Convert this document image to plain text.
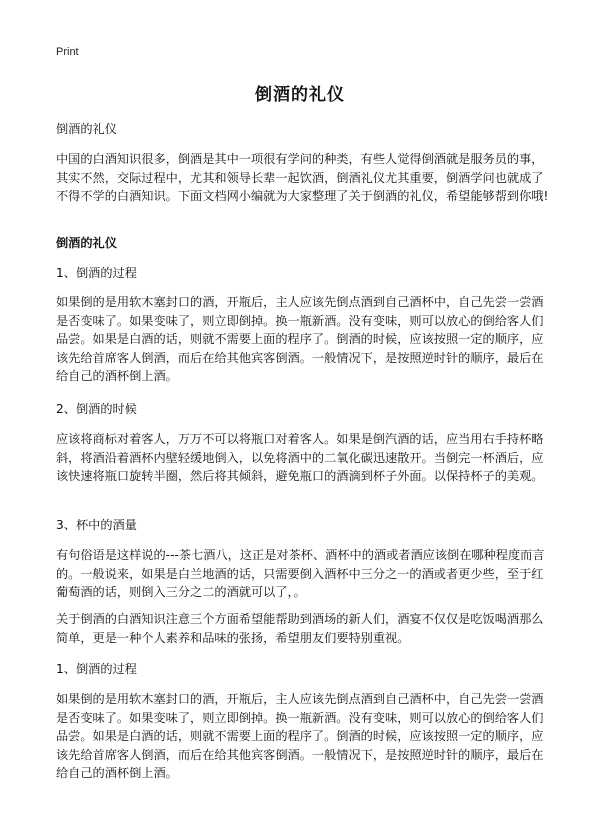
Print
倒酒的礼仪
倒酒的礼仪
中国的白酒知识很多，倒酒是其中一项很有学问的种类，有些人觉得倒酒就是服务员的事，其实不然，交际过程中，尤其和领导长辈一起饮酒，倒酒礼仪尤其重要，倒酒学问也就成了不得不学的白酒知识。下面文档网小编就为大家整理了关于倒酒的礼仪，希望能够帮到你哦!
倒酒的礼仪
1、倒酒的过程
如果倒的是用软木塞封口的酒，开瓶后，主人应该先倒点酒到自己酒杯中，自己先尝一尝酒是否变味了。如果变味了，则立即倒掉。换一瓶新酒。没有变味，则可以放心的倒给客人们品尝。如果是白酒的话，则就不需要上面的程序了。倒酒的时候，应该按照一定的顺序，应该先给首席客人倒酒，而后在给其他宾客倒酒。一般情况下，是按照逆时针的顺序，最后在给自己的酒杯倒上酒。
2、倒酒的时候
应该将商标对着客人，万万不可以将瓶口对着客人。如果是倒汽酒的话，应当用右手持杯略斜，将酒沿着酒杯内壁轻缓地倒入，以免将酒中的二氧化碳迅速散开。当倒完一杯酒后，应该快速将瓶口旋转半圈，然后将其倾斜，避免瓶口的酒滴到杯子外面。以保持杯子的美观。
3、杯中的酒量
有句俗语是这样说的---茶七酒八，这正是对茶杯、酒杯中的酒或者酒应该倒在哪种程度而言的。一般说来，如果是白兰地酒的话，只需要倒入酒杯中三分之一的酒或者更少些，至于红葡萄酒的话，则倒入三分之二的酒就可以了，。
关于倒酒的白酒知识注意三个方面希望能帮助到酒场的新人们，酒宴不仅仅是吃饭喝酒那么简单，更是一种个人素养和品味的张扬，希望朋友们要特别重视。
1、倒酒的过程
如果倒的是用软木塞封口的酒，开瓶后，主人应该先倒点酒到自己酒杯中，自己先尝一尝酒是否变味了。如果变味了，则立即倒掉。换一瓶新酒。没有变味，则可以放心的倒给客人们品尝。如果是白酒的话，则就不需要上面的程序了。倒酒的时候，应该按照一定的顺序，应该先给首席客人倒酒，而后在给其他宾客倒酒。一般情况下，是按照逆时针的顺序，最后在给自己的酒杯倒上酒。
